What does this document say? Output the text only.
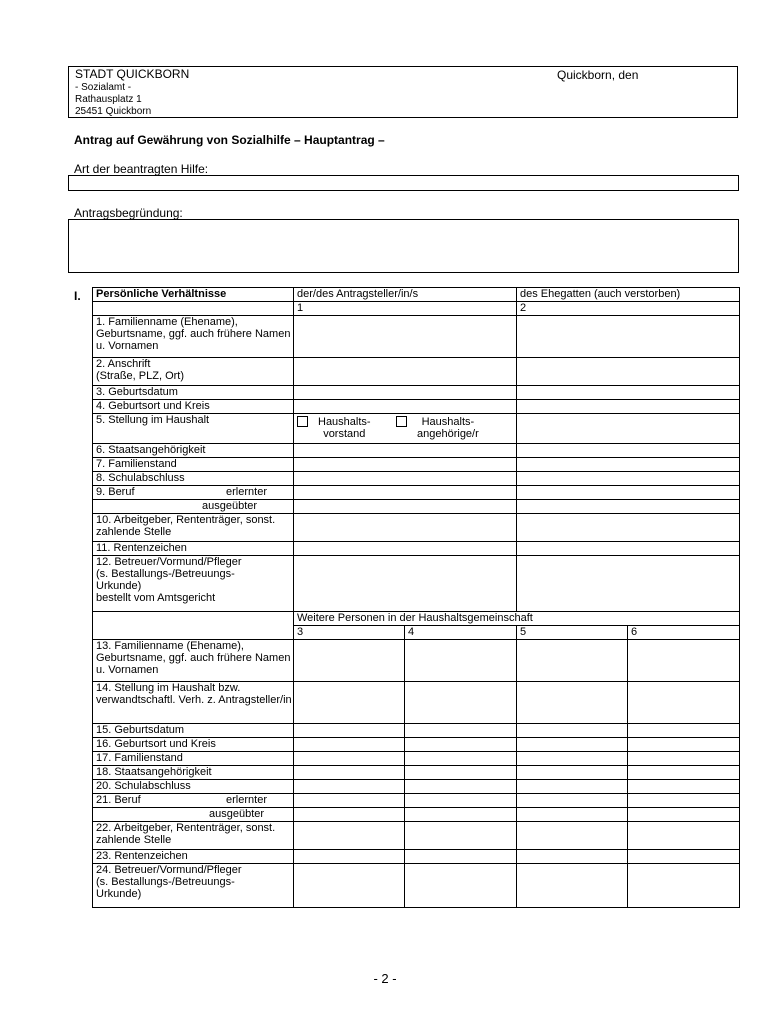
STADT QUICKBORN
- Sozialamt -
Rathausplatz 1
25451 Quickborn
Quickborn, den
Antrag auf Gewährung von Sozialhilfe – Hauptantrag –
Art der beantragten Hilfe:
Antragsbegründung:
I. Persönliche Verhältnisse	der/des Antragsteller/in/s		des Ehegatten (auch verstorben)	
	1		2	
1. Familienname (Ehename), Geburtsname, ggf. auch frühere Namen u. Vornamen				
2. Anschrift
(Straße, PLZ, Ort)				
3. Geburtsdatum				
4. Geburtsort und Kreis				
5. Stellung im Haushalt	Haushalts-
vorstand
Haushalts-
angehörige/r			

6. Staatsangehörigkeit				
7. Familienstand				
8. Schulabschluss				

9. Beruf erlernter				

ausgeübter				

10. Arbeitgeber, Rententräger, sonst. zahlende Stelle				
11. Rentenzeichen				
12. Betreuer/Vormund/Pfleger
(s. Bestallungs-/Betreuungs-
Urkunde)
bestellt vom Amtsgericht				
	Weitere Personen in der Haushaltsgemeinschaft			
	3	4	5	6
13. Familienname (Ehename), Geburtsname, ggf. auch frühere Namen u. Vornamen				
14. Stellung im Haushalt bzw. verwandtschaftl. Verh. z. Antragsteller/in				
15. Geburtsdatum				
16. Geburtsort und Kreis				
17. Familienstand				
18. Staatsangehörigkeit				
20. Schulabschluss				

21. Beruf erlernter				

ausgeübter				

22. Arbeitgeber, Rententräger, sonst. zahlende Stelle				
23. Rentenzeichen				
24. Betreuer/Vormund/Pfleger
(s. Bestallungs-/Betreuungs-
Urkunde)				
- 2 -
